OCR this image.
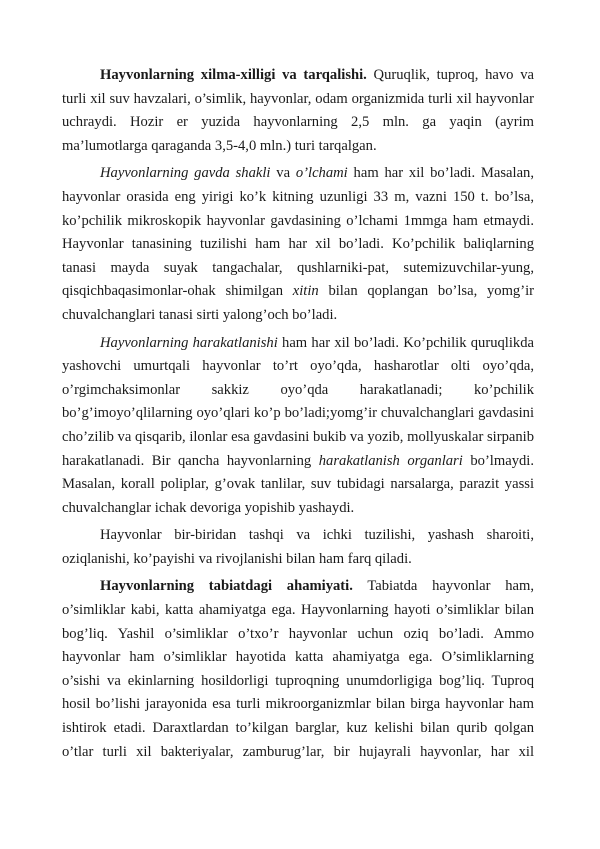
Hayvonlarning xilma-xilligi va tarqalishi. Quruqlik, tuproq, havo va turli xil suv havzalari, o’simlik, hayvonlar, odam organizmida turli xil hayvonlar uchraydi. Hozir er yuzida hayvonlarning 2,5 mln. ga yaqin (ayrim ma’lumotlarga qaraganda 3,5-4,0 mln.) turi tarqalgan.

Hayvonlarning gavda shakli va o’lchami ham har xil bo’ladi. Masalan, hayvonlar orasida eng yirigi ko’k kitning uzunligi 33 m, vazni 150 t. bo’lsa, ko’pchilik mikroskopik hayvonlar gavdasining o’lchami 1mmga ham etmaydi. Hayvonlar tanasining tuzilishi ham har xil bo’ladi. Ko’pchilik baliqlarning tanasi mayda suyak tangachalar, qushlarniki-pat, sutemizuvchilar-yung, qisqichbaqasimonlar-ohak shimilgan xitin bilan qoplangan bo’lsa, yomg’ir chuvalchanglari tanasi sirti yalong’och bo’ladi.

Hayvonlarning harakatlanishi ham har xil bo’ladi. Ko’pchilik quruqlikda yashovchi umurtqali hayvonlar to’rt oyo’qda, hasharotlar olti oyo’qda, o’rgimchaksimonlar sakkiz oyo’qda harakatlanadi; ko’pchilik bo’g’imoyo’qlilarning oyo’qlari ko’p bo’ladi;yomg’ir chuvalchanglari gavdasini cho’zilib va qisqarib, ilonlar esa gavdasini bukib va yozib, mollyuskalar sirpanib harakatlanadi. Bir qancha hayvonlarning harakatlanish organlari bo’lmaydi. Masalan, korall poliplar, g’ovak tanlilar, suv tubidagi narsalarga, parazit yassi chuvalchanglar ichak devoriga yopishib yashaydi.

Hayvonlar bir-biridan tashqi va ichki tuzilishi, yashash sharoiti, oziqlanishi, ko’payishi va rivojlanishi bilan ham farq qiladi.

Hayvonlarning tabiatdagi ahamiyati. Tabiatda hayvonlar ham, o’simliklar kabi, katta ahamiyatga ega. Hayvonlarning hayoti o’simliklar bilan bog’liq. Yashil o’simliklar o’txo’r hayvonlar uchun oziq bo’ladi. Ammo hayvonlar ham o’simliklar hayotida katta ahamiyatga ega. O’simliklarning o’sishi va ekinlarning hosildorligi tuproqning unumdorligiga bog’liq. Tuproq hosil bo’lishi jarayonida esa turli mikroorganizmlar bilan birga hayvonlar ham ishtirok etadi. Daraxtlardan to’kilgan barglar, kuz kelishi bilan qurib qolgan o’tlar turli xil bakteriyalar, zamburug’lar, bir hujayrali hayvonlar, har xil
